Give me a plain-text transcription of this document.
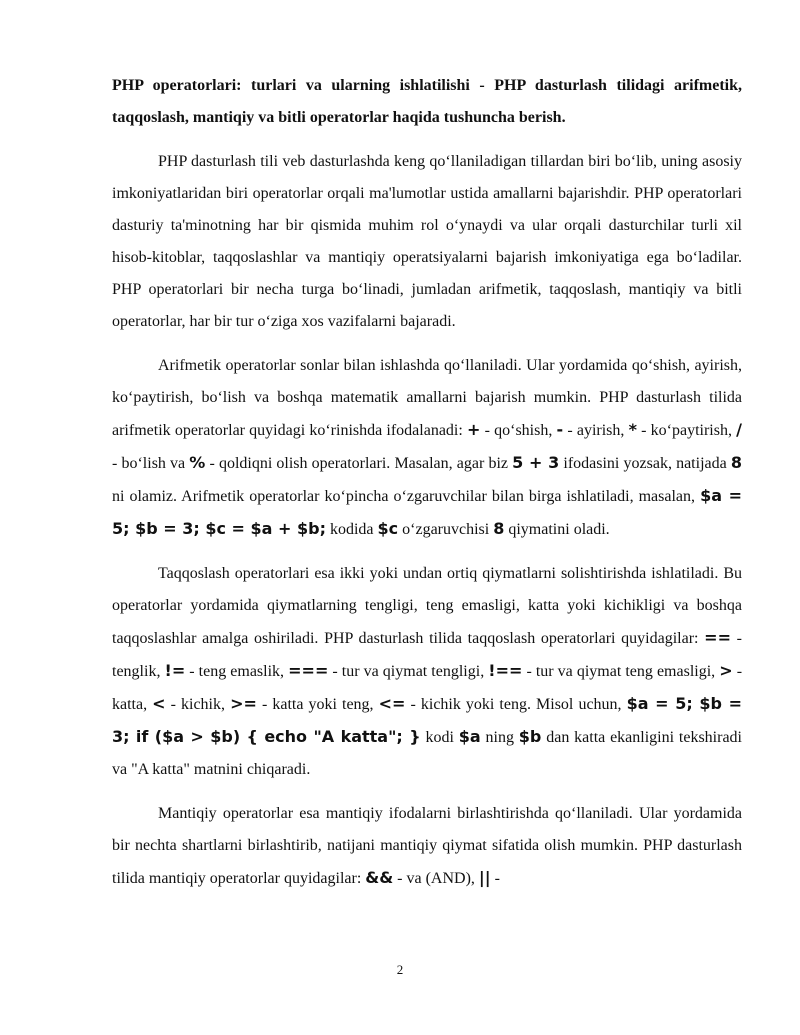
PHP operatorlari: turlari va ularning ishlatilishi - PHP dasturlash tilidagi arifmetik, taqqoslash, mantiqiy va bitli operatorlar haqida tushuncha berish.

PHP dasturlash tili veb dasturlashda keng qo‘llaniladigan tillardan biri bo‘lib, uning asosiy imkoniyatlaridan biri operatorlar orqali ma'lumotlar ustida amallarni bajarishdir. PHP operatorlari dasturiy ta'minotning har bir qismida muhim rol o‘ynaydi va ular orqali dasturchilar turli xil hisob-kitoblar, taqqoslashlar va mantiqiy operatsiyalarni bajarish imkoniyatiga ega bo‘ladilar. PHP operatorlari bir necha turga bo‘linadi, jumladan arifmetik, taqqoslash, mantiqiy va bitli operatorlar, har bir tur o‘ziga xos vazifalarni bajaradi.

Arifmetik operatorlar sonlar bilan ishlashda qo‘llaniladi. Ular yordamida qo‘shish, ayirish, ko‘paytirish, bo‘lish va boshqa matematik amallarni bajarish mumkin. PHP dasturlash tilida arifmetik operatorlar quyidagi ko‘rinishda ifodalanadi: + - qo‘shish, - - ayirish, * - ko‘paytirish, / - bo‘lish va % - qoldiqni olish operatorlari. Masalan, agar biz 5 + 3 ifodasini yozsak, natijada 8 ni olamiz. Arifmetik operatorlar ko‘pincha o‘zgaruvchilar bilan birga ishlatiladi, masalan, $a = 5; $b = 3; $c = $a + $b; kodida $c o‘zgaruvchisi 8 qiymatini oladi.

Taqqoslash operatorlari esa ikki yoki undan ortiq qiymatlarni solishtirishda ishlatiladi. Bu operatorlar yordamida qiymatlarning tengligi, teng emasligi, katta yoki kichikligi va boshqa taqqoslashlar amalga oshiriladi. PHP dasturlash tilida taqqoslash operatorlari quyidagilar: == - tenglik, != - teng emaslik, === - tur va qiymat tengligi, !== - tur va qiymat teng emasligi, > - katta, < - kichik, >= - katta yoki teng, <= - kichik yoki teng. Misol uchun, $a = 5; $b = 3; if ($a > $b) { echo "A katta"; } kodi $a ning $b dan katta ekanligini tekshiradi va "A katta" matnini chiqaradi.

Mantiqiy operatorlar esa mantiqiy ifodalarni birlashtirishda qo‘llaniladi. Ular yordamida bir nechta shartlarni birlashtirib, natijani mantiqiy qiymat sifatida olish mumkin. PHP dasturlash tilida mantiqiy operatorlar quyidagilar: && - va (AND), || -

2
